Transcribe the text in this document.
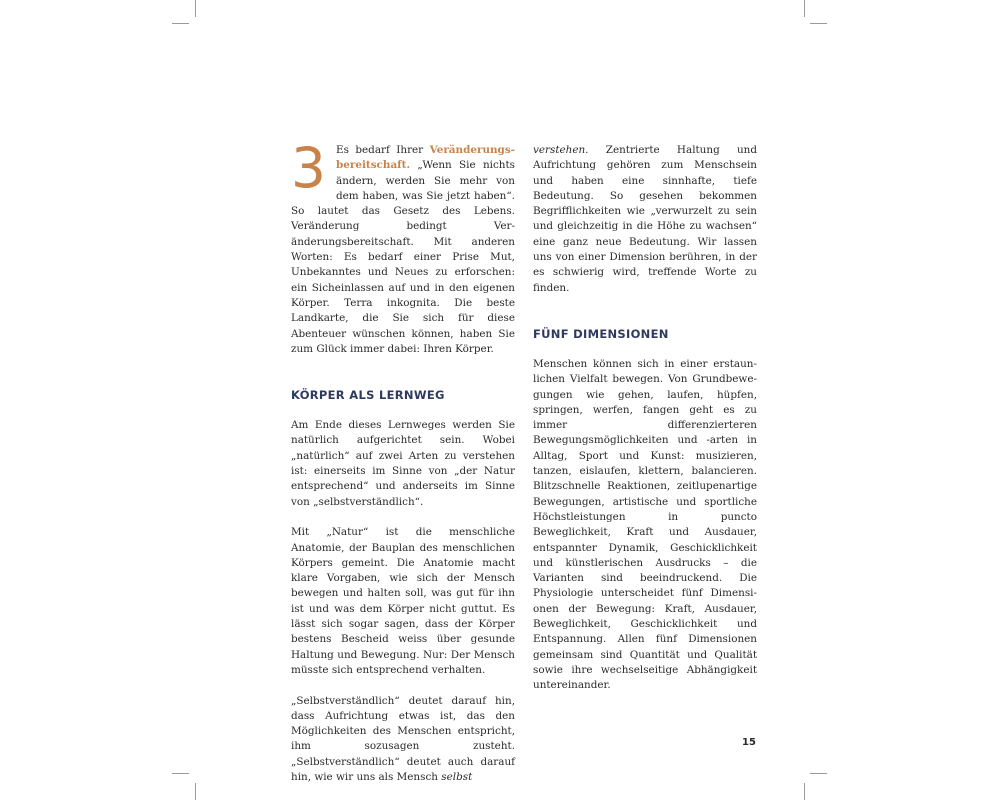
3 Es bedarf Ihrer Veränderungsbereitschaft. „Wenn Sie nichts ändern, werden Sie mehr von dem haben, was Sie jetzt haben“. So lautet das Gesetz des Lebens. Veränderung bedingt Veränderungsbereitschaft. Mit anderen Worten: Es bedarf einer Prise Mut, Unbekanntes und Neues zu erforschen: ein Sicheinlassen auf und in den eigenen Körper. Terra inkognita. Die beste Landkarte, die Sie sich für diese Abenteuer wünschen können, haben Sie zum Glück immer dabei: Ihren Körper.

KÖRPER ALS LERNWEG

Am Ende dieses Lernweges werden Sie natürlich aufgerichtet sein. Wobei „natürlich“ auf zwei Arten zu verstehen ist: einerseits im Sinne von „der Natur entsprechend“ und anderseits im Sinne von „selbstverständlich“.

Mit „Natur“ ist die menschliche Anatomie, der Bauplan des menschlichen Körpers gemeint. Die Anatomie macht klare Vorgaben, wie sich der Mensch bewegen und halten soll, was gut für ihn ist und was dem Körper nicht guttut. Es lässt sich sogar sagen, dass der Körper bestens Bescheid weiss über gesunde Haltung und Bewegung. Nur: Der Mensch müsste sich entsprechend verhalten.

„Selbstverständlich“ deutet darauf hin, dass Aufrichtung etwas ist, das den Möglichkeiten des Menschen entspricht, ihm sozusagen zusteht. „Selbstverständlich“ deutet auch darauf hin, wie wir uns als Mensch selbst

verstehen. Zentrierte Haltung und Aufrichtung gehören zum Menschsein und haben eine sinnhafte, tiefe Bedeutung. So gesehen bekommen Begrifflichkeiten wie „verwurzelt zu sein und gleichzeitig in die Höhe zu wachsen“ eine ganz neue Bedeutung. Wir lassen uns von einer Dimension berühren, in der es schwierig wird, treffende Worte zu finden.

FÜNF DIMENSIONEN

Menschen können sich in einer erstaunlichen Vielfalt bewegen. Von Grundbewegungen wie gehen, laufen, hüpfen, springen, werfen, fangen geht es zu immer differenzierteren Bewegungsmöglichkeiten und -arten in Alltag, Sport und Kunst: musizieren, tanzen, eislaufen, klettern, balancieren. Blitzschnelle Reaktionen, zeitlupenartige Bewegungen, artistische und sportliche Höchstleistungen in puncto Beweglichkeit, Kraft und Ausdauer, entspannter Dynamik, Geschicklichkeit und künstlerischen Ausdrucks – die Varianten sind beeindruckend. Die Physiologie unterscheidet fünf Dimensionen der Bewegung: Kraft, Ausdauer, Beweglichkeit, Geschicklichkeit und Entspannung. Allen fünf Dimensionen gemeinsam sind Quantität und Qualität sowie ihre wechselseitige Abhängigkeit untereinander.

15
